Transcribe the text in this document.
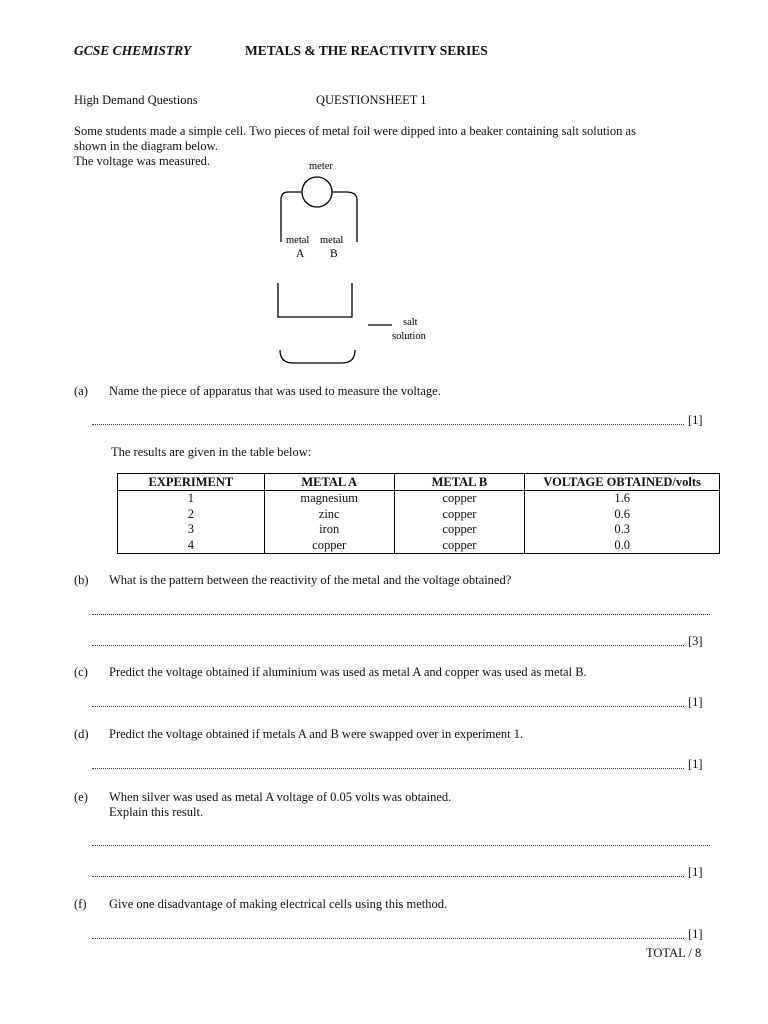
GCSE CHEMISTRY	METALS & THE REACTIVITY SERIES
High Demand Questions	QUESTIONSHEET 1
Some students made a simple cell. Two pieces of metal foil were dipped into a beaker containing salt solution as
shown in the diagram below.
The voltage was measured.	meter
metal metal
A B
salt
solution
(a) Name the piece of apparatus that was used to measure the voltage.
[1]
The results are given in the table below:
EXPERIMENT	METAL A	METAL B	VOLTAGE OBTAINED/volts
1	magnesium	copper	1.6
2	zinc	copper	0.6
3	iron	copper	0.3
4	copper	copper	0.0
(b) What is the pattern between the reactivity of the metal and the voltage obtained?
[3]
(c) Predict the voltage obtained if aluminium was used as metal A and copper was used as metal B.
[1]
(d) Predict the voltage obtained if metals A and B were swapped over in experiment 1.
[1]
(e) When silver was used as metal A voltage of 0.05 volts was obtained.
Explain this result.
[1]
(f) Give one disadvantage of making electrical cells using this method.
[1]
TOTAL / 8
